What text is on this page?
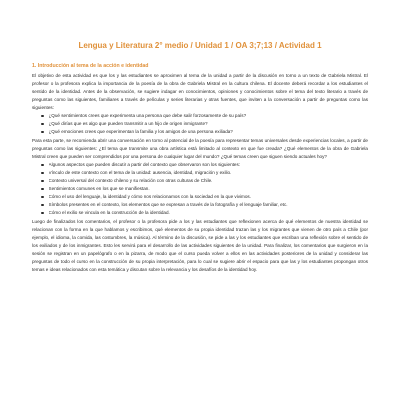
Lengua y Literatura 2° medio / Unidad 1 / OA 3;7;13 / Actividad 1
1. Introducción al tema de la acción e identidad

El objetivo de esta actividad es que los y las estudiantes se aproximen al tema de la unidad a partir de la discusión en torno a un texto de Gabriela Mistral. El profesor o la profesora explica la importancia de la poesía de la obra de Gabriela Mistral en la cultura chilena. El docente deberá recordar a los estudiantes el sentido de la identidad. Antes de la observación, se sugiere indagar en conocimientos, opiniones y conocimientos sobre el tema del texto literario a través de preguntas como las siguientes, familiares a través de películas y series literarias y otras fuentes, que inviten a la conversación a partir de preguntas como las siguientes:

¿Qué sentimientos crees que experimenta una persona que debe salir forzosamente de su país?
¿Qué dirías que es algo que pueden transmitir a un hijo de origen inmigrante?
¿Qué emociones crees que experimentan la familia y los amigos de una persona exiliada?

Para esta parte, se recomienda abrir una conversación en torno al potencial de la poesía para representar temas universales desde experiencias locales, a partir de preguntas como las siguientes: ¿El tema que transmite una obra artística está limitado al contexto en que fue creada? ¿Qué elementos de la obra de Gabriela Mistral creen que pueden ser comprendidos por una persona de cualquier lugar del mundo? ¿Qué temas creen que siguen siendo actuales hoy?

Algunos aspectos que pueden discutir a partir del contexto que observaron son los siguientes:
Vínculo de este contexto con el tema de la unidad: ausencia, identidad, migración y exilio.
Contexto universal del contexto chileno y su relación con otras culturas de Chile.
Sentimientos comunes en los que se manifiestan.
Cómo el uso del lenguaje, la identidad y cómo nos relacionamos con la sociedad en la que vivimos.
Símbolos presentes en el contexto, los elementos que se expresan a través de la fotografía y el lenguaje familiar, etc.
Cómo el exilio se vincula en la construcción de la identidad.

Luego de finalizados los comentarios, el profesor o la profesora pide a los y las estudiantes que reflexionen acerca de qué elementos de nuestra identidad se relacionan con la forma en la que hablamos y escribimos, qué elementos de su propia identidad trazan las y los migrantes que vienen de otro país a Chile (por ejemplo, el idioma, la comida, las costumbres, la música). Al término de la discusión, se pide a las y los estudiantes que escriban una reflexión sobre el sentido de los exiliados y de los inmigrantes. Esto les servirá para el desarrollo de las actividades siguientes de la unidad. Para finalizar, los comentarios que surgieron en la sesión se registran en un papelógrafo o en la pizarra, de modo que el curso pueda volver a ellos en las actividades posteriores de la unidad y considerar las preguntas de todo el curso en la construcción de su propia interpretación, para lo cual se sugiere abrir el espacio para que las y los estudiantes propongan otros temas e ideas relacionados con esta temática y discutan sobre la relevancia y los desafíos de la identidad hoy.
